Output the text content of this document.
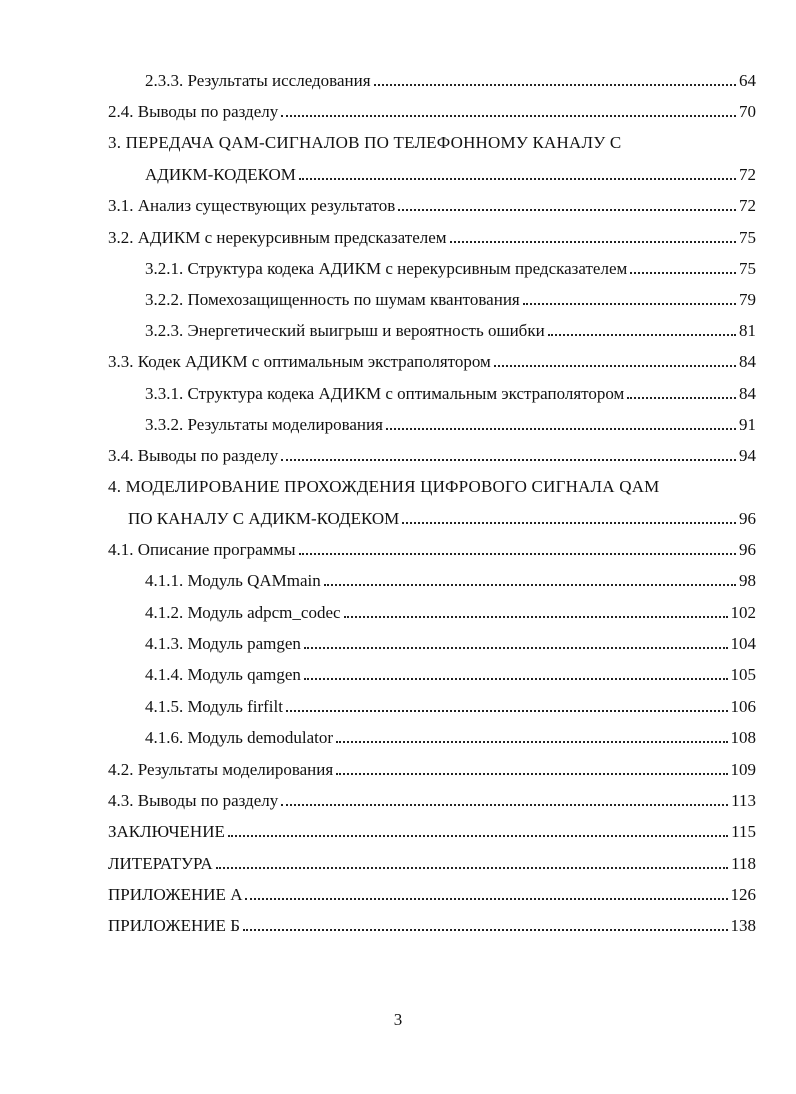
2.3.3. Результаты исследования	64
2.4. Выводы по разделу	70
3. ПЕРЕДАЧА QAM-СИГНАЛОВ ПО ТЕЛЕФОННОМУ КАНАЛУ С
АДИКМ-КОДЕКОМ	72
3.1. Анализ существующих результатов	72
3.2. АДИКМ с нерекурсивным предсказателем	75
3.2.1. Структура кодека АДИКМ с нерекурсивным предсказателем	75
3.2.2. Помехозащищенность по шумам квантования	79
3.2.3. Энергетический выигрыш и вероятность ошибки	81
3.3. Кодек АДИКМ с оптимальным экстраполятором	84
3.3.1. Структура кодека АДИКМ с оптимальным экстраполятором	84
3.3.2. Результаты моделирования	91
3.4. Выводы по разделу	94
4. МОДЕЛИРОВАНИЕ ПРОХОЖДЕНИЯ ЦИФРОВОГО СИГНАЛА QAM
ПО КАНАЛУ С АДИКМ-КОДЕКОМ	96
4.1. Описание программы	96
4.1.1. Модуль QAMmain	98
4.1.2. Модуль adpcm_codec	102
4.1.3. Модуль pamgen	104
4.1.4. Модуль qamgen	105
4.1.5. Модуль firfilt	106
4.1.6. Модуль demodulator	108
4.2. Результаты моделирования	109
4.3. Выводы по разделу	113
ЗАКЛЮЧЕНИЕ	115
ЛИТЕРАТУРА	118
ПРИЛОЖЕНИЕ А	126
ПРИЛОЖЕНИЕ Б	138
3
